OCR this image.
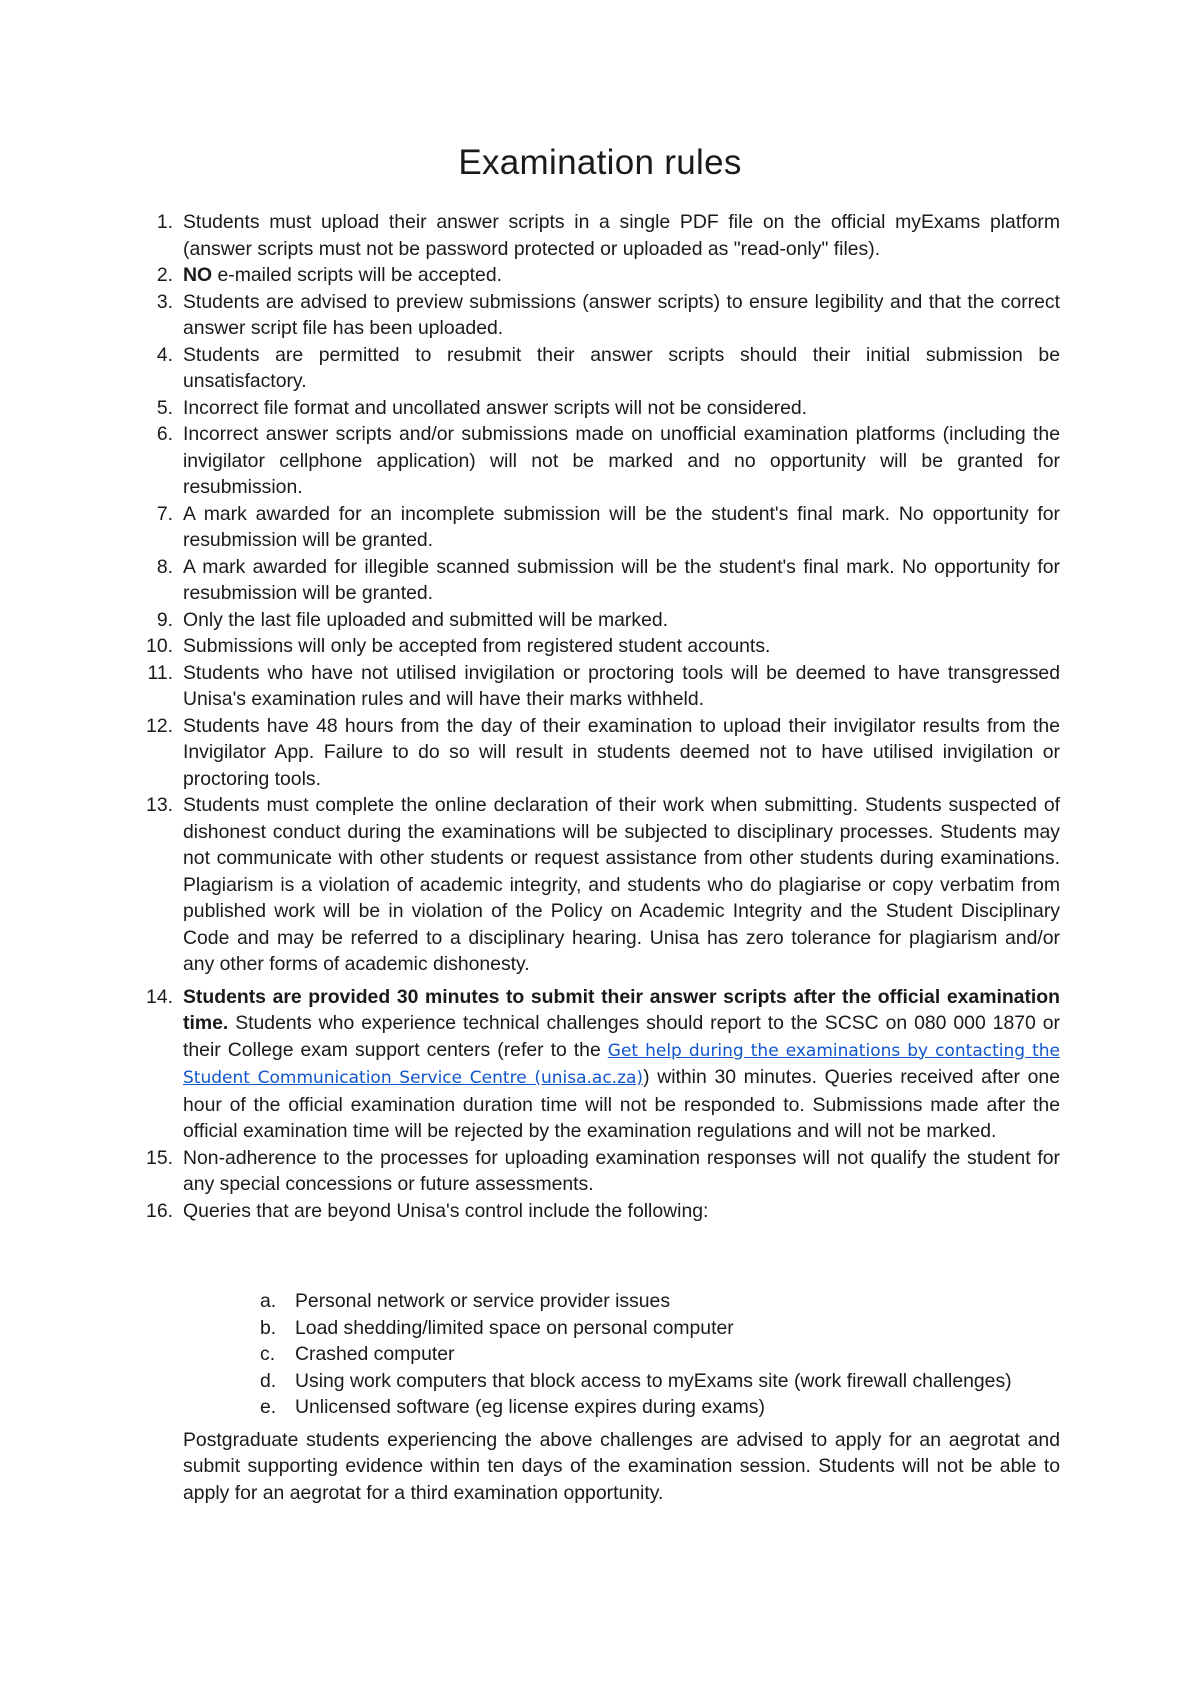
Examination rules
1. Students must upload their answer scripts in a single PDF file on the official myExams platform (answer scripts must not be password protected or uploaded as "read-only" files).
2. NO e-mailed scripts will be accepted.
3. Students are advised to preview submissions (answer scripts) to ensure legibility and that the correct answer script file has been uploaded.
4. Students are permitted to resubmit their answer scripts should their initial submission be unsatisfactory.
5. Incorrect file format and uncollated answer scripts will not be considered.
6. Incorrect answer scripts and/or submissions made on unofficial examination platforms (including the invigilator cellphone application) will not be marked and no opportunity will be granted for resubmission.
7. A mark awarded for an incomplete submission will be the student's final mark. No opportunity for resubmission will be granted.
8. A mark awarded for illegible scanned submission will be the student's final mark. No opportunity for resubmission will be granted.
9. Only the last file uploaded and submitted will be marked.
10. Submissions will only be accepted from registered student accounts.
11. Students who have not utilised invigilation or proctoring tools will be deemed to have transgressed Unisa's examination rules and will have their marks withheld.
12. Students have 48 hours from the day of their examination to upload their invigilator results from the Invigilator App. Failure to do so will result in students deemed not to have utilised invigilation or proctoring tools.
13. Students must complete the online declaration of their work when submitting. Students suspected of dishonest conduct during the examinations will be subjected to disciplinary processes. Students may not communicate with other students or request assistance from other students during examinations. Plagiarism is a violation of academic integrity, and students who do plagiarise or copy verbatim from published work will be in violation of the Policy on Academic Integrity and the Student Disciplinary Code and may be referred to a disciplinary hearing. Unisa has zero tolerance for plagiarism and/or any other forms of academic dishonesty.
14. Students are provided 30 minutes to submit their answer scripts after the official examination time. Students who experience technical challenges should report to the SCSC on 080 000 1870 or their College exam support centers (refer to the Get help during the examinations by contacting the Student Communication Service Centre (unisa.ac.za)) within 30 minutes. Queries received after one hour of the official examination duration time will not be responded to. Submissions made after the official examination time will be rejected by the examination regulations and will not be marked.
15. Non-adherence to the processes for uploading examination responses will not qualify the student for any special concessions or future assessments.
16. Queries that are beyond Unisa's control include the following:
a. Personal network or service provider issues
b. Load shedding/limited space on personal computer
c. Crashed computer
d. Using work computers that block access to myExams site (work firewall challenges)
e. Unlicensed software (eg license expires during exams)

Postgraduate students experiencing the above challenges are advised to apply for an aegrotat and submit supporting evidence within ten days of the examination session. Students will not be able to apply for an aegrotat for a third examination opportunity.
